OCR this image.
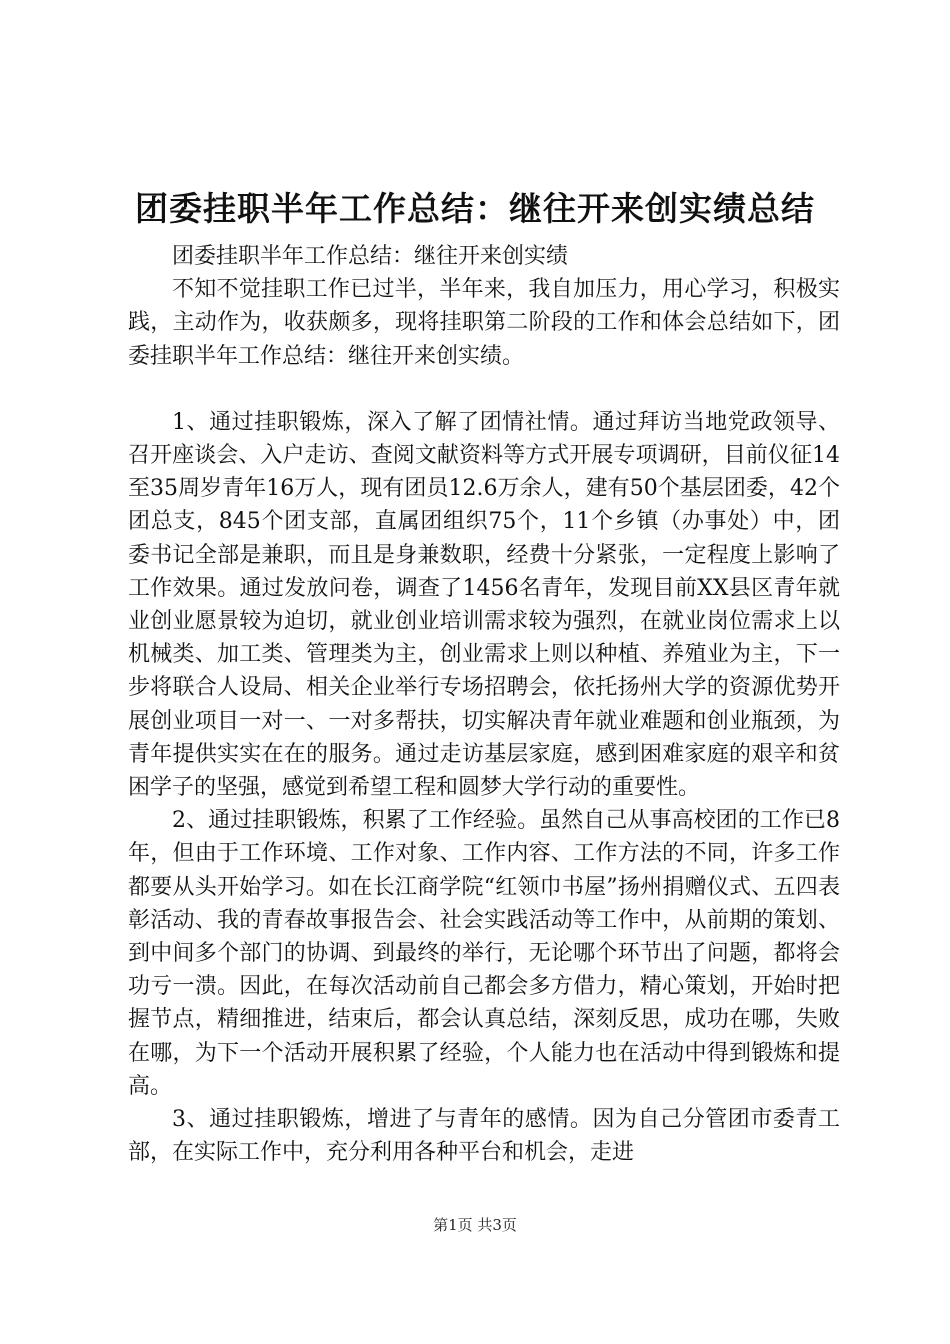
团委挂职半年工作总结：继往开来创实绩总结

团委挂职半年工作总结：继往开来创实绩

不知不觉挂职工作已过半，半年来，我自加压力，用心学习，积极实践，主动作为，收获颇多，现将挂职第二阶段的工作和体会总结如下，团委挂职半年工作总结：继往开来创实绩。

1、通过挂职锻炼，深入了解了团情社情。通过拜访当地党政领导、召开座谈会、入户走访、查阅文献资料等方式开展专项调研，目前仪征14至35周岁青年16万人，现有团员12.6万余人，建有50个基层团委，42个团总支，845个团支部，直属团组织75个，11个乡镇（办事处）中，团委书记全部是兼职，而且是身兼数职，经费十分紧张，一定程度上影响了工作效果。通过发放问卷，调查了1456名青年，发现目前XX县区青年就业创业愿景较为迫切，就业创业培训需求较为强烈，在就业岗位需求上以机械类、加工类、管理类为主，创业需求上则以种植、养殖业为主，下一步将联合人设局、相关企业举行专场招聘会，依托扬州大学的资源优势开展创业项目一对一、一对多帮扶，切实解决青年就业难题和创业瓶颈，为青年提供实实在在的服务。通过走访基层家庭，感到困难家庭的艰辛和贫困学子的坚强，感觉到希望工程和圆梦大学行动的重要性。

2、通过挂职锻炼，积累了工作经验。虽然自己从事高校团的工作已8年，但由于工作环境、工作对象、工作内容、工作方法的不同，许多工作都要从头开始学习。如在长江商学院“红领巾书屋”扬州捐赠仪式、五四表彰活动、我的青春故事报告会、社会实践活动等工作中，从前期的策划、到中间多个部门的协调、到最终的举行，无论哪个环节出了问题，都将会功亏一溃。因此，在每次活动前自己都会多方借力，精心策划，开始时把握节点，精细推进，结束后，都会认真总结，深刻反思，成功在哪，失败在哪，为下一个活动开展积累了经验，个人能力也在活动中得到锻炼和提高。

3、通过挂职锻炼，增进了与青年的感情。因为自己分管团市委青工部，在实际工作中，充分利用各种平台和机会，走进

第1页 共3页
